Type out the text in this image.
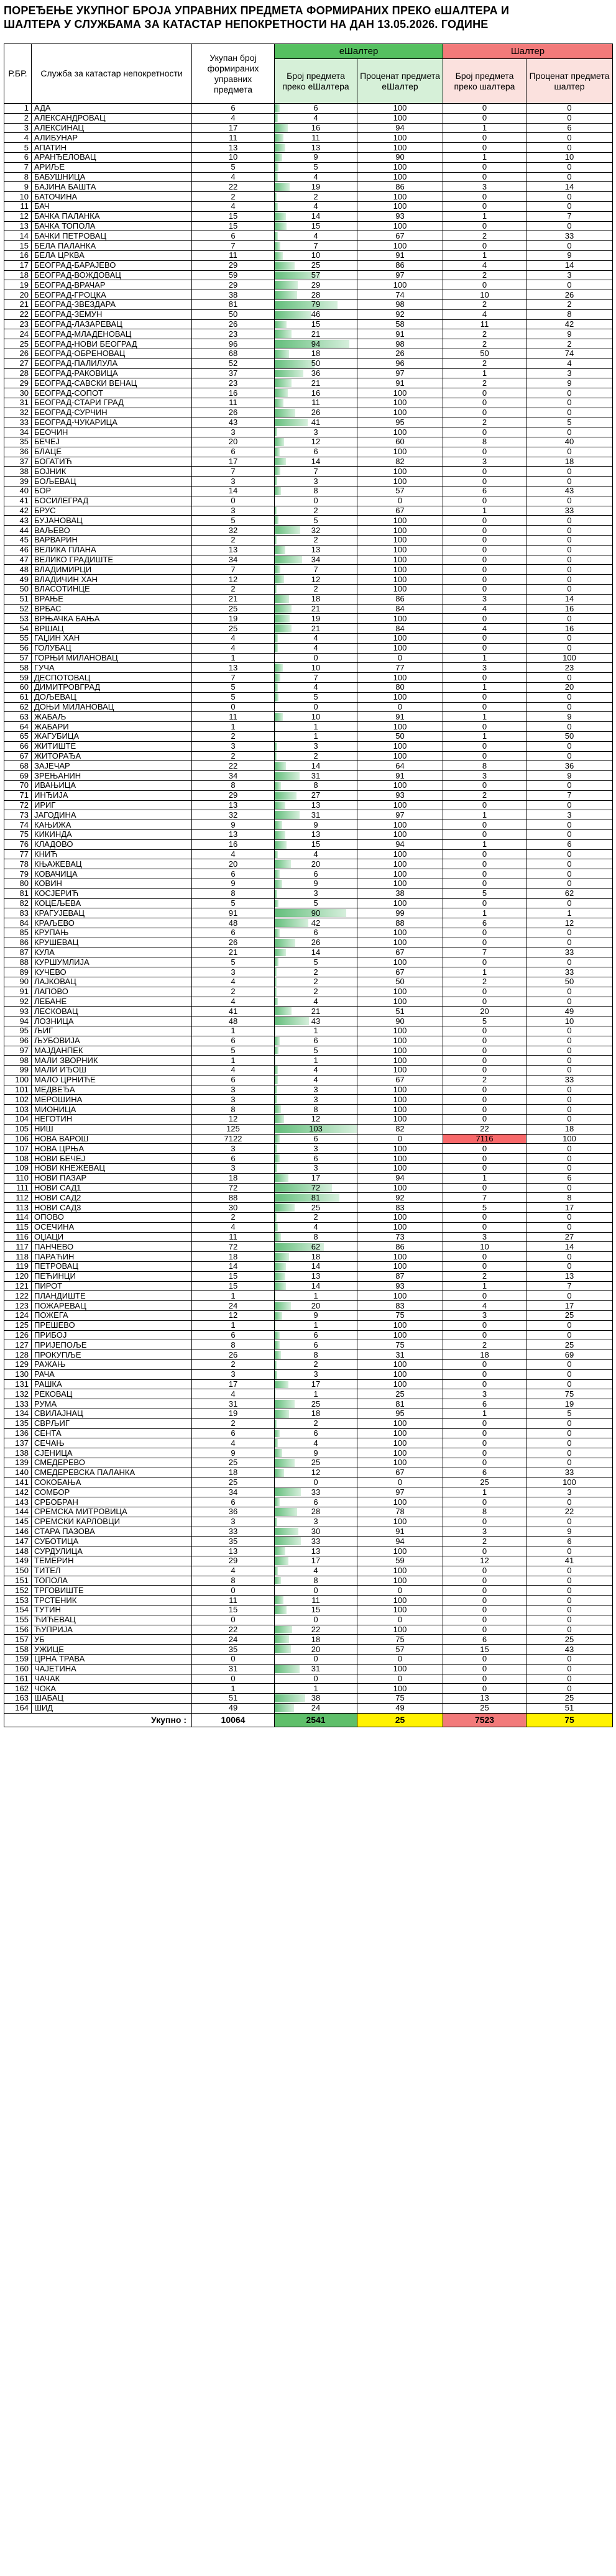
ПОРЕЂЕЊЕ УКУПНОГ БРОЈА УПРАВНИХ ПРЕДМЕТА ФОРМИРАНИХ ПРЕКО еШАЛТЕРА И
ШАЛТЕРА У СЛУЖБАМА ЗА КАТАСТАР НЕПОКРЕТНОСТИ НА ДАН 13.05.2026. ГОДИНЕ
Р.БР.	Служба за катастар непокретности	Укупан број формираних управних предмета	еШалтер		Шалтер	
			Број предмета преко еШалтера	Проценат предмета еШалтер	Број предмета преко шалтера	Проценат предмета шалтер
1	АДА	6	6	100	0	0
2	АЛЕКСАНДРОВАЦ	4	4	100	0	0
3	АЛЕКСИНАЦ	17	16	94	1	6
4	АЛИБУНАР	11	11	100	0	0
5	АПАТИН	13	13	100	0	0
6	АРАНЂЕЛОВАЦ	10	9	90	1	10
7	АРИЉЕ	5	5	100	0	0
8	БАБУШНИЦА	4	4	100	0	0
9	БАЈИНА БАШТА	22	19	86	3	14
10	БАТОЧИНА	2	2	100	0	0
11	БАЧ	4	4	100	0	0
12	БАЧКА ПАЛАНКА	15	14	93	1	7
13	БАЧКА ТОПОЛА	15	15	100	0	0
14	БАЧКИ ПЕТРОВАЦ	6	4	67	2	33
15	БЕЛА ПАЛАНКА	7	7	100	0	0
16	БЕЛА ЦРКВА	11	10	91	1	9
17	БЕОГРАД-БАРАЈЕВО	29	25	86	4	14
18	БЕОГРАД-ВОЖДОВАЦ	59	57	97	2	3
19	БЕОГРАД-ВРАЧАР	29	29	100	0	0
20	БЕОГРАД-ГРОЦКА	38	28	74	10	26
21	БЕОГРАД-ЗВЕЗДАРА	81	79	98	2	2
22	БЕОГРАД-ЗЕМУН	50	46	92	4	8
23	БЕОГРАД-ЛАЗАРЕВАЦ	26	15	58	11	42
24	БЕОГРАД-МЛАДЕНОВАЦ	23	21	91	2	9
25	БЕОГРАД-НОВИ БЕОГРАД	96	94	98	2	2
26	БЕОГРАД-ОБРЕНОВАЦ	68	18	26	50	74
27	БЕОГРАД-ПАЛИЛУЛА	52	50	96	2	4
28	БЕОГРАД-РАКОВИЦА	37	36	97	1	3
29	БЕОГРАД-САВСКИ ВЕНАЦ	23	21	91	2	9
30	БЕОГРАД-СОПОТ	16	16	100	0	0
31	БЕОГРАД-СТАРИ ГРАД	11	11	100	0	0
32	БЕОГРАД-СУРЧИН	26	26	100	0	0
33	БЕОГРАД-ЧУКАРИЦА	43	41	95	2	5
34	БЕОЧИН	3	3	100	0	0
35	БЕЧЕЈ	20	12	60	8	40
36	БЛАЦЕ	6	6	100	0	0
37	БОГАТИЋ	17	14	82	3	18
38	БОЈНИК	7	7	100	0	0
39	БОЉЕВАЦ	3	3	100	0	0
40	БОР	14	8	57	6	43
41	БОСИЛЕГРАД	0	0	0	0	0
42	БРУС	3	2	67	1	33
43	БУЈАНОВАЦ	5	5	100	0	0
44	ВАЉЕВО	32	32	100	0	0
45	ВАРВАРИН	2	2	100	0	0
46	ВЕЛИКА ПЛАНА	13	13	100	0	0
47	ВЕЛИКО ГРАДИШТЕ	34	34	100	0	0
48	ВЛАДИМИРЦИ	7	7	100	0	0
49	ВЛАДИЧИН ХАН	12	12	100	0	0
50	ВЛАСОТИНЦЕ	2	2	100	0	0
51	ВРАЊЕ	21	18	86	3	14
52	ВРБАС	25	21	84	4	16
53	ВРЊАЧКА БАЊА	19	19	100	0	0
54	ВРШАЦ	25	21	84	4	16
55	ГАЏИН ХАН	4	4	100	0	0
56	ГОЛУБАЦ	4	4	100	0	0
57	ГОРЊИ МИЛАНОВАЦ	1	0	0	1	100
58	ГУЧА	13	10	77	3	23
59	ДЕСПОТОВАЦ	7	7	100	0	0
60	ДИМИТРОВГРАД	5	4	80	1	20
61	ДОЉЕВАЦ	5	5	100	0	0
62	ДОЊИ МИЛАНОВАЦ	0	0	0	0	0
63	ЖАБАЉ	11	10	91	1	9
64	ЖАБАРИ	1	1	100	0	0
65	ЖАГУБИЦА	2	1	50	1	50
66	ЖИТИШТЕ	3	3	100	0	0
67	ЖИТОРАЂА	2	2	100	0	0
68	ЗАЈЕЧАР	22	14	64	8	36
69	ЗРЕЊАНИН	34	31	91	3	9
70	ИВАЊИЦА	8	8	100	0	0
71	ИНЂИЈА	29	27	93	2	7
72	ИРИГ	13	13	100	0	0
73	ЈАГОДИНА	32	31	97	1	3
74	КАЊИЖА	9	9	100	0	0
75	КИКИНДА	13	13	100	0	0
76	КЛАДОВО	16	15	94	1	6
77	КНИЋ	4	4	100	0	0
78	КЊАЖЕВАЦ	20	20	100	0	0
79	КОВАЧИЦА	6	6	100	0	0
80	КОВИН	9	9	100	0	0
81	КОСЈЕРИЋ	8	3	38	5	62
82	КОЦЕЉЕВА	5	5	100	0	0
83	КРАГУЈЕВАЦ	91	90	99	1	1
84	КРАЉЕВО	48	42	88	6	12
85	КРУПАЊ	6	6	100	0	0
86	КРУШЕВАЦ	26	26	100	0	0
87	КУЛА	21	14	67	7	33
88	КУРШУМЛИЈА	5	5	100	0	0
89	КУЧЕВО	3	2	67	1	33
90	ЛАЈКОВАЦ	4	2	50	2	50
91	ЛАПОВО	2	2	100	0	0
92	ЛЕБАНЕ	4	4	100	0	0
93	ЛЕСКОВАЦ	41	21	51	20	49
94	ЛОЗНИЦА	48	43	90	5	10
95	ЉИГ	1	1	100	0	0
96	ЉУБОВИЈА	6	6	100	0	0
97	МАЈДАНПЕК	5	5	100	0	0
98	МАЛИ ЗВОРНИК	1	1	100	0	0
99	МАЛИ ИЂОШ	4	4	100	0	0
100	МАЛО ЦРНИЋЕ	6	4	67	2	33
101	МЕДВЕЂА	3	3	100	0	0
102	МЕРОШИНА	3	3	100	0	0
103	МИОНИЦА	8	8	100	0	0
104	НЕГОТИН	12	12	100	0	0
105	НИШ	125	103	82	22	18
106	НОВА ВАРОШ	7122	6	0	7116	100
107	НОВА ЦРЊА	3	3	100	0	0
108	НОВИ БЕЧЕЈ	6	6	100	0	0
109	НОВИ КНЕЖЕВАЦ	3	3	100	0	0
110	НОВИ ПАЗАР	18	17	94	1	6
111	НОВИ САД1	72	72	100	0	0
112	НОВИ САД2	88	81	92	7	8
113	НОВИ САД3	30	25	83	5	17
114	ОПОВО	2	2	100	0	0
115	ОСЕЧИНА	4	4	100	0	0
116	ОЏАЦИ	11	8	73	3	27
117	ПАНЧЕВО	72	62	86	10	14
118	ПАРАЋИН	18	18	100	0	0
119	ПЕТРОВАЦ	14	14	100	0	0
120	ПЕЋИНЦИ	15	13	87	2	13
121	ПИРОТ	15	14	93	1	7
122	ПЛАНДИШТЕ	1	1	100	0	0
123	ПОЖАРЕВАЦ	24	20	83	4	17
124	ПОЖЕГА	12	9	75	3	25
125	ПРЕШЕВО	1	1	100	0	0
126	ПРИБОЈ	6	6	100	0	0
127	ПРИЈЕПОЉЕ	8	6	75	2	25
128	ПРОКУПЉЕ	26	8	31	18	69
129	РАЖАЊ	2	2	100	0	0
130	РАЧА	3	3	100	0	0
131	РАШКА	17	17	100	0	0
132	РЕКОВАЦ	4	1	25	3	75
133	РУМА	31	25	81	6	19
134	СВИЛАЈНАЦ	19	18	95	1	5
135	СВРЉИГ	2	2	100	0	0
136	СЕНТА	6	6	100	0	0
137	СЕЧАЊ	4	4	100	0	0
138	СЈЕНИЦА	9	9	100	0	0
139	СМЕДЕРЕВО	25	25	100	0	0
140	СМЕДЕРЕВСКА ПАЛАНКА	18	12	67	6	33
141	СОКОБАЊА	25	0	0	25	100
142	СОМБОР	34	33	97	1	3
143	СРБОБРАН	6	6	100	0	0
144	СРЕМСКА МИТРОВИЦА	36	28	78	8	22
145	СРЕМСКИ КАРЛОВЦИ	3	3	100	0	0
146	СТАРА ПАЗОВА	33	30	91	3	9
147	СУБОТИЦА	35	33	94	2	6
148	СУРДУЛИЦА	13	13	100	0	0
149	ТЕМЕРИН	29	17	59	12	41
150	ТИТЕЛ	4	4	100	0	0
151	ТОПОЛА	8	8	100	0	0
152	ТРГОВИШТЕ	0	0	0	0	0
153	ТРСТЕНИК	11	11	100	0	0
154	ТУТИН	15	15	100	0	0
155	ЋИЋЕВАЦ	0	0	0	0	0
156	ЋУПРИЈА	22	22	100	0	0
157	УБ	24	18	75	6	25
158	УЖИЦЕ	35	20	57	15	43
159	ЦРНА ТРАВА	0	0	0	0	0
160	ЧАЈЕТИНА	31	31	100	0	0
161	ЧАЧАК	0	0	0	0	0
162	ЧОКА	1	1	100	0	0
163	ШАБАЦ	51	38	75	13	25
164	ШИД	49	24	49	25	51
Укупно :		10064	2541	25	7523	75
